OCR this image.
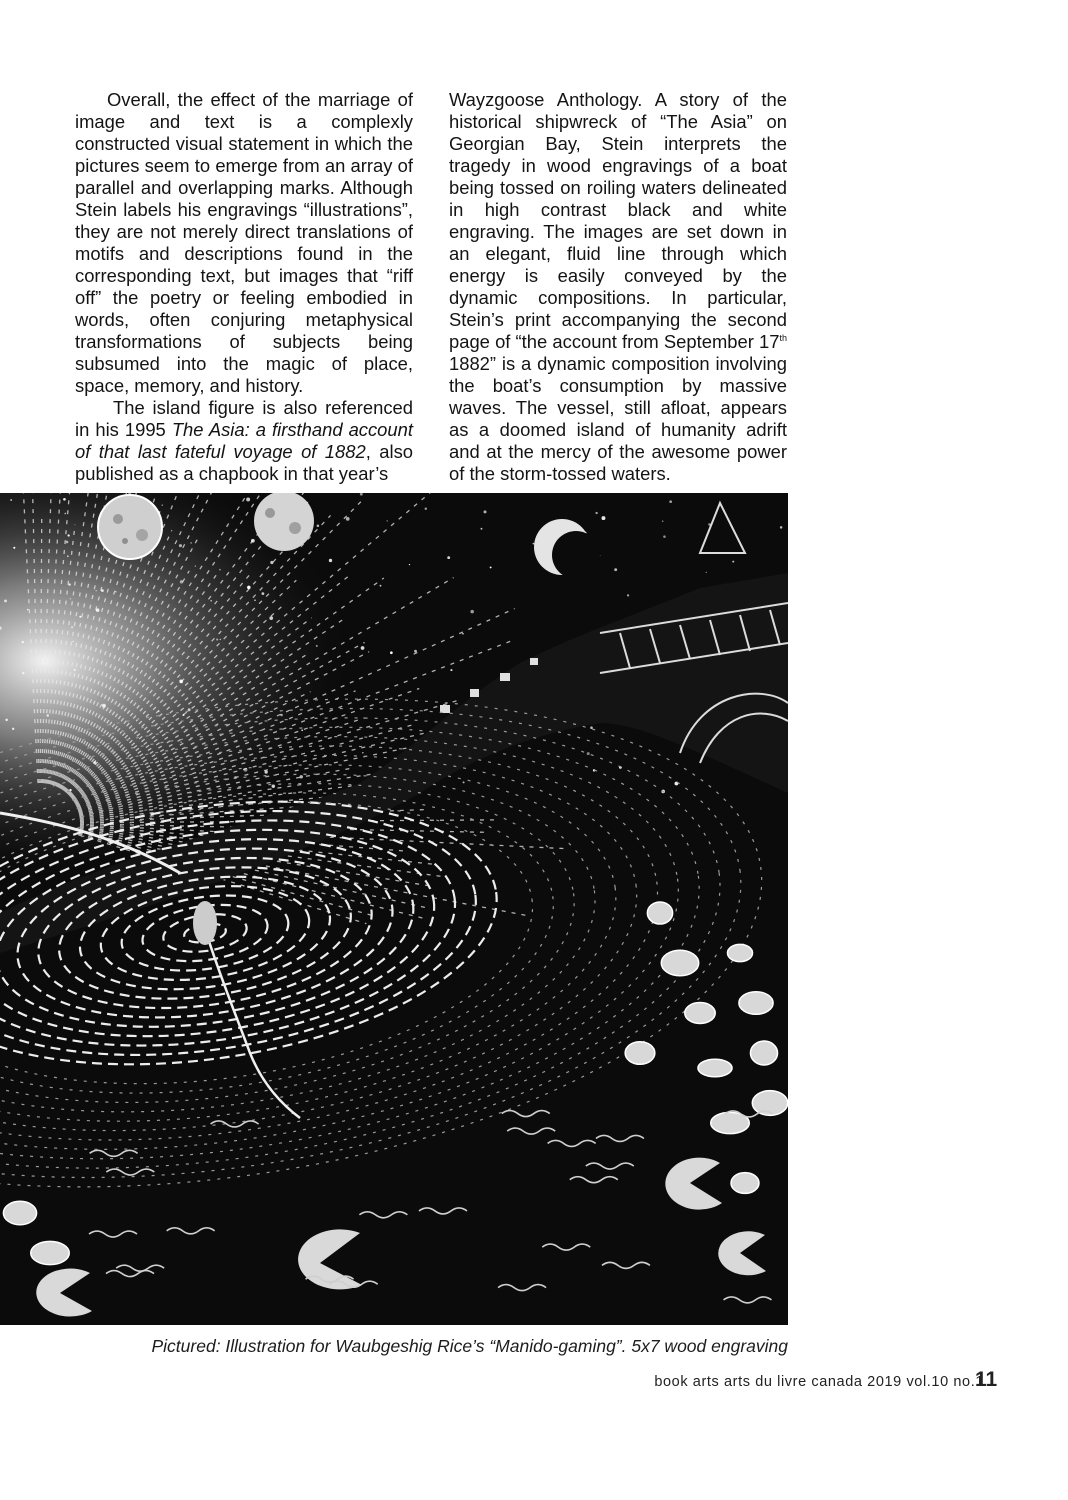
Overall, the effect of the marriage of image and text is a complexly constructed visual statement in which the pictures seem to emerge from an array of parallel and overlapping marks. Although Stein labels his engravings “illustrations”, they are not merely direct translations of motifs and descriptions found in the corresponding text, but images that “riff off” the poetry or feeling embodied in words, often conjuring metaphysical transformations of subjects being subsumed into the magic of place, space, memory, and history.

The island figure is also referenced in his 1995 The Asia: a firsthand account of that last fateful voyage of 1882, also published as a chapbook in that year’s

Wayzgoose Anthology. A story of the historical shipwreck of “The Asia” on Georgian Bay, Stein interprets the tragedy in wood engravings of a boat being tossed on roiling waters delineated in high contrast black and white engraving. The images are set down in an elegant, fluid line through which energy is easily conveyed by the dynamic compositions. In particular, Stein’s print accompanying the second page of “the account from September 17th 1882” is a dynamic composition involving the boat’s consumption by massive waves. The vessel, still afloat, appears as a doomed island of humanity adrift and at the mercy of the awesome power of the storm-tossed waters.

Pictured: Illustration for Waubgeshig Rice’s “Manido-gaming”. 5x7 wood engraving
book arts arts du livre canada 2019 vol.10 no.1
11
